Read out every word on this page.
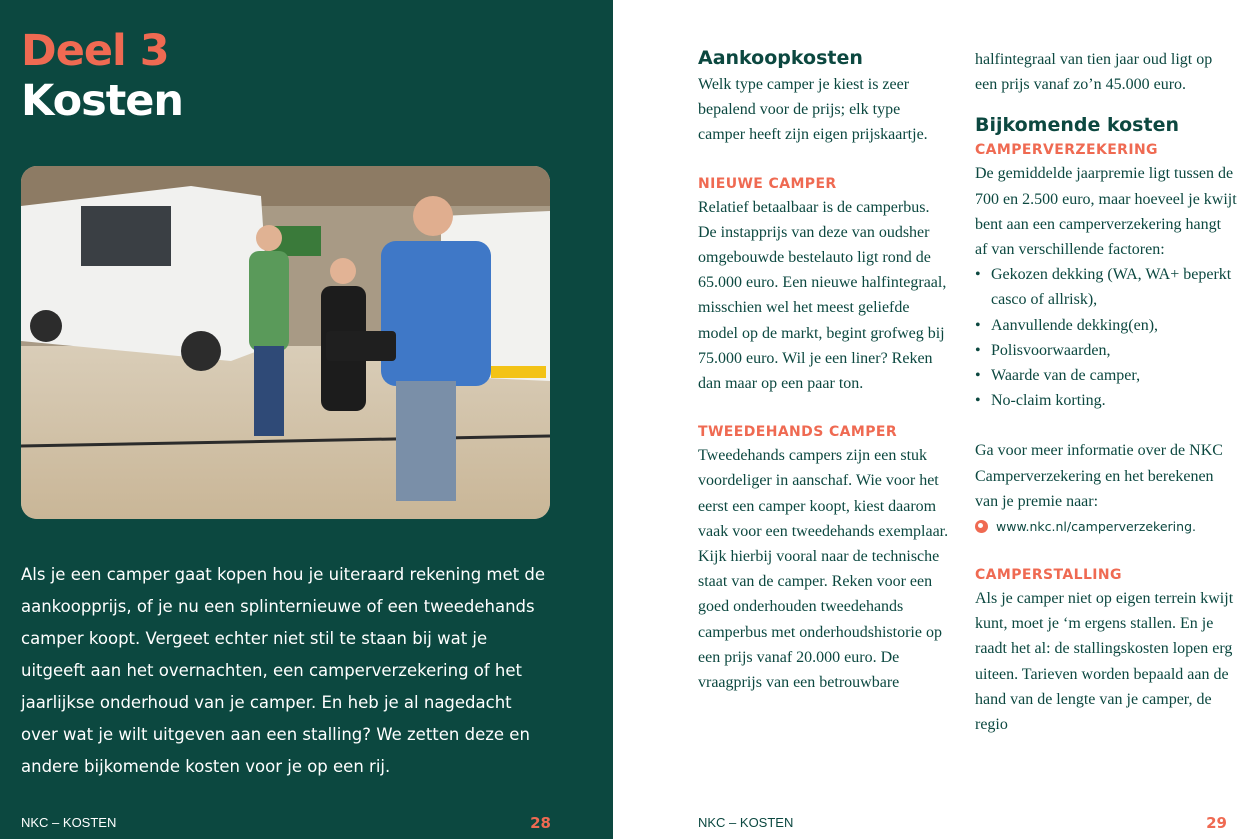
Deel 3
Kosten

Als je een camper gaat kopen hou je uiteraard rekening met de aankoopprijs, of je nu een splinternieuwe of een tweedehands camper koopt. Vergeet echter niet stil te staan bij wat je uitgeeft aan het overnachten, een camperverzekering of het jaarlijkse onderhoud van je camper. En heb je al nagedacht over wat je wilt uitgeven aan een stalling? We zetten deze en andere bijkomende kosten voor je op een rij.

NKC – KOSTEN	28
Aankoopkosten

Welk type camper je kiest is zeer bepalend voor de prijs; elk type camper heeft zijn eigen prijskaartje.

NIEUWE CAMPER

Relatief betaalbaar is de camperbus. De instapprijs van deze van oudsher omgebouwde bestelauto ligt rond de 65.000 euro. Een nieuwe halfintegraal, misschien wel het meest geliefde model op de markt, begint grofweg bij 75.000 euro. Wil je een liner? Reken dan maar op een paar ton.

TWEEDEHANDS CAMPER

Tweedehands campers zijn een stuk voordeliger in aanschaf. Wie voor het eerst een camper koopt, kiest daarom vaak voor een tweedehands exemplaar. Kijk hierbij vooral naar de technische staat van de camper. Reken voor een goed onderhouden tweedehands camperbus met onderhoudshistorie op een prijs vanaf 20.000 euro. De vraagprijs van een betrouwbare

halfintegraal van tien jaar oud ligt op een prijs vanaf zo’n 45.000 euro.

Bijkomende kosten
CAMPERVERZEKERING

De gemiddelde jaarpremie ligt tussen de 700 en 2.500 euro, maar hoeveel je kwijt bent aan een camperverzekering hangt af van verschillende factoren:

• Gekozen dekking (WA, WA+ beperkt casco of allrisk),
• Aanvullende dekking(en),
• Polisvoorwaarden,
• Waarde van de camper,
• No-claim korting.

Ga voor meer informatie over de NKC Camperverzekering en het berekenen van je premie naar:

www.nkc.nl/camperverzekering.
CAMPERSTALLING

Als je camper niet op eigen terrein kwijt kunt, moet je ‘m ergens stallen. En je raadt het al: de stallingskosten lopen erg uiteen. Tarieven worden bepaald aan de hand van de lengte van je camper, de regio

NKC – KOSTEN	29
